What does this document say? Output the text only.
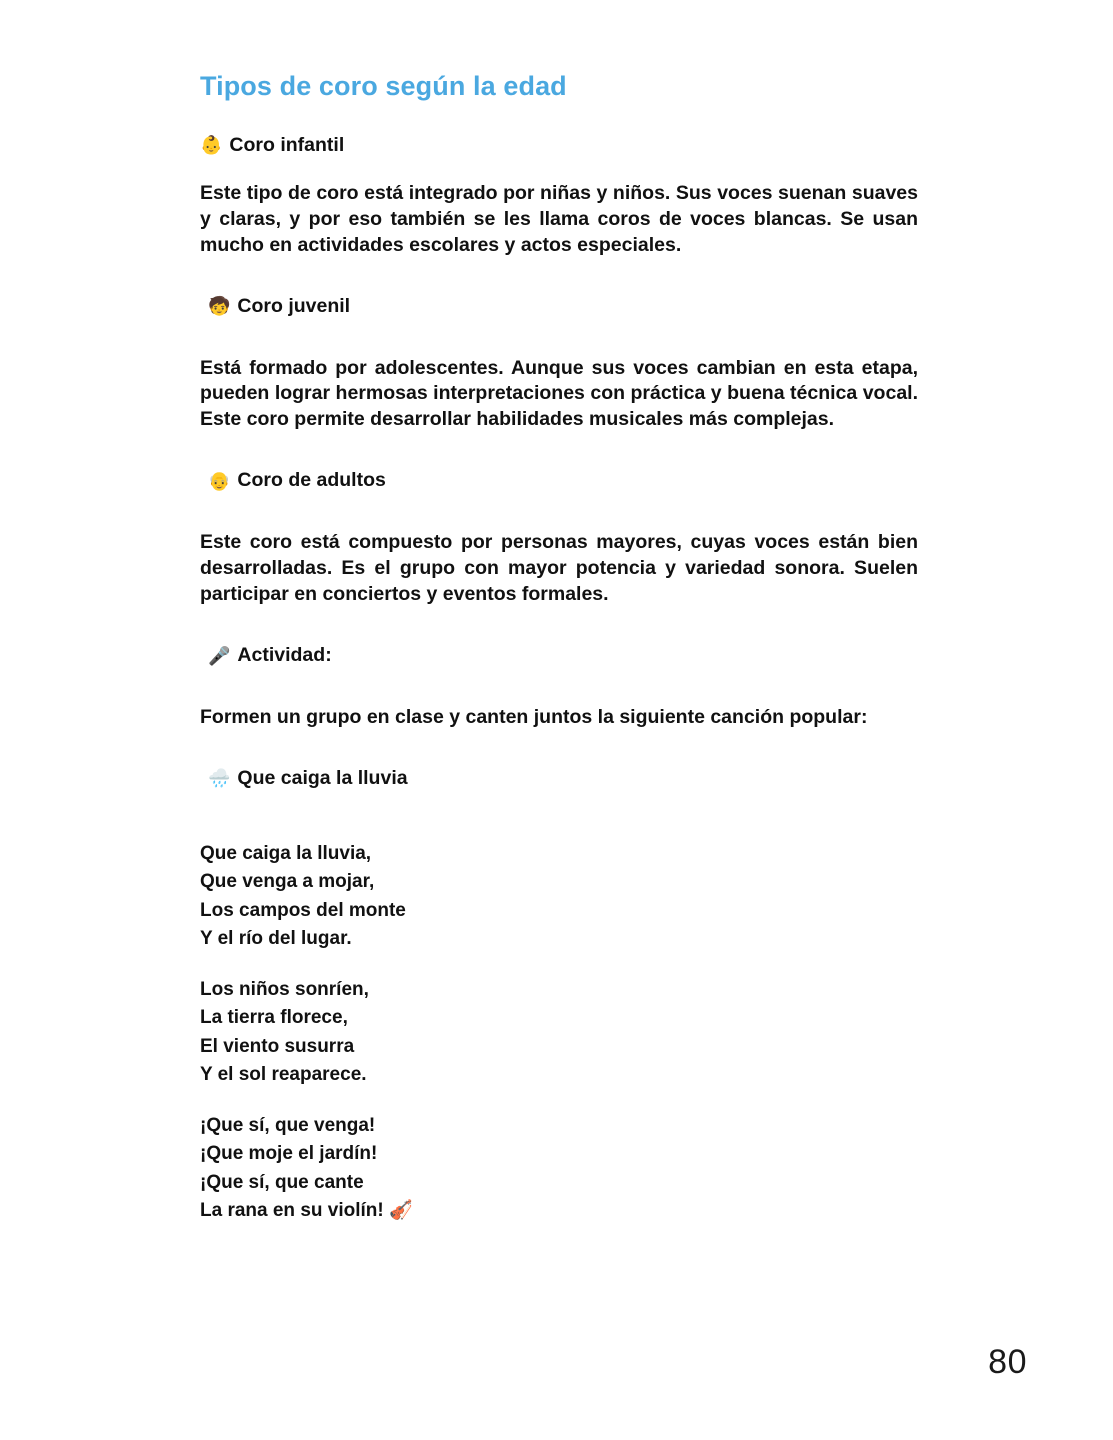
Tipos de coro según la edad
👶 Coro infantil

Este tipo de coro está integrado por niñas y niños. Sus voces suenan suaves y claras, y por eso también se les llama coros de voces blancas. Se usan mucho en actividades escolares y actos especiales.

🧒 Coro juvenil

Está formado por adolescentes. Aunque sus voces cambian en esta etapa, pueden lograr hermosas interpretaciones con práctica y buena técnica vocal. Este coro permite desarrollar habilidades musicales más complejas.

👴 Coro de adultos

Este coro está compuesto por personas mayores, cuyas voces están bien desarrolladas. Es el grupo con mayor potencia y variedad sonora. Suelen participar en conciertos y eventos formales.

🎤 Actividad:

Formen un grupo en clase y canten juntos la siguiente canción popular:

🌧️ Que caiga la lluvia
Que caiga la lluvia,
Que venga a mojar,
Los campos del monte
Y el río del lugar.
Los niños sonríen,
La tierra florece,
El viento susurra
Y el sol reaparece.
¡Que sí, que venga!
¡Que moje el jardín!
¡Que sí, que cante
La rana en su violín! 🎻
80
